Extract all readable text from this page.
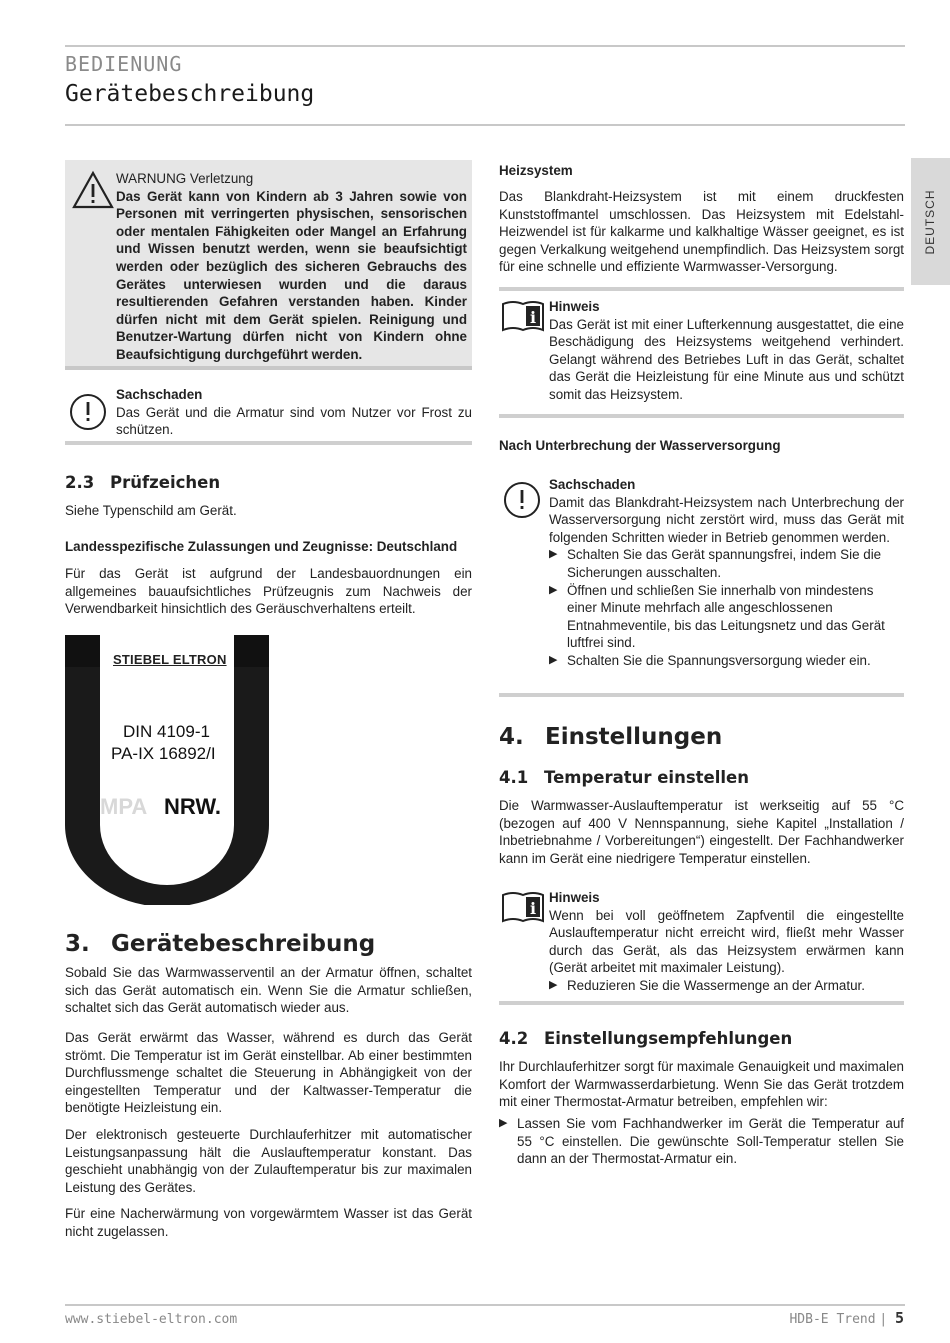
BEDIENUNG
Gerätebeschreibung
DEUTSCH
WARNUNG Verletzung
Das Gerät kann von Kindern ab 3 Jahren sowie von Personen mit verringerten physischen, sensorischen oder mentalen Fähigkeiten oder Mangel an Erfahrung und Wissen benutzt werden, wenn sie beaufsichtigt werden oder bezüglich des sicheren Gebrauchs des Gerätes unterwiesen wurden und die daraus resultierenden Gefahren verstanden haben. Kinder dürfen nicht mit dem Gerät spielen. Reinigung und Benutzer-Wartung dürfen nicht von Kindern ohne Beaufsichtigung durchgeführt werden.
Sachschaden
Das Gerät und die Armatur sind vom Nutzer vor Frost zu schützen.
2.3 Prüfzeichen
Siehe Typenschild am Gerät.
Landesspezifische Zulassungen und Zeugnisse: Deutschland
Für das Gerät ist aufgrund der Landesbauordnungen ein allgemeines bauaufsichtliches Prüfzeugnis zum Nachweis der Verwendbarkeit hinsichtlich des Geräuschverhaltens erteilt.
STIEBEL ELTRON
DIN 4109-1
PA-IX 16892/I
MPA NRW.
3. Gerätebeschreibung
Sobald Sie das Warmwasserventil an der Armatur öffnen, schaltet sich das Gerät automatisch ein. Wenn Sie die Armatur schließen, schaltet sich das Gerät automatisch wieder aus.
Das Gerät erwärmt das Wasser, während es durch das Gerät strömt. Die Temperatur ist im Gerät einstellbar. Ab einer bestimmten Durchflussmenge schaltet die Steuerung in Abhängigkeit von der eingestellten Temperatur und der Kaltwasser-Temperatur die benötigte Heizleistung ein.
Der elektronisch gesteuerte Durchlauferhitzer mit automatischer Leistungsanpassung hält die Auslauftemperatur konstant. Das geschieht unabhängig von der Zulauftemperatur bis zur maximalen Leistung des Gerätes.
Für eine Nacherwärmung von vorgewärmtem Wasser ist das Gerät nicht zugelassen.
Heizsystem
Das Blankdraht-Heizsystem ist mit einem druckfesten Kunststoffmantel umschlossen. Das Heizsystem mit Edelstahl-Heizwendel ist für kalkarme und kalkhaltige Wässer geeignet, es ist gegen Verkalkung weitgehend unempfindlich. Das Heizsystem sorgt für eine schnelle und effiziente Warmwasser-Versorgung.
i
Hinweis
Das Gerät ist mit einer Lufterkennung ausgestattet, die eine Beschädigung des Heizsystems weitgehend verhindert. Gelangt während des Betriebes Luft in das Gerät, schaltet das Gerät die Heizleistung für eine Minute aus und schützt somit das Heizsystem.
Nach Unterbrechung der Wasserversorgung
Sachschaden
Damit das Blankdraht-Heizsystem nach Unterbrechung der Wasserversorgung nicht zerstört wird, muss das Gerät mit folgenden Schritten wieder in Betrieb genommen werden.
▶ Schalten Sie das Gerät spannungsfrei, indem Sie die Sicherungen ausschalten.
▶ Öffnen und schließen Sie innerhalb von mindestens einer Minute mehrfach alle angeschlossenen Entnahmeventile, bis das Leitungsnetz und das Gerät luftfrei sind.
▶ Schalten Sie die Spannungsversorgung wieder ein.
4. Einstellungen
4.1 Temperatur einstellen
Die Warmwasser-Auslauftemperatur ist werkseitig auf 55 °C (bezogen auf 400 V Nennspannung, siehe Kapitel „Installation / Inbetriebnahme / Vorbereitungen“) eingestellt. Der Fachhandwerker kann im Gerät eine niedrigere Temperatur einstellen.
i
Hinweis
Wenn bei voll geöffnetem Zapfventil die eingestellte Auslauftemperatur nicht erreicht wird, fließt mehr Wasser durch das Gerät, als das Heizsystem erwärmen kann (Gerät arbeitet mit maximaler Leistung).
▶ Reduzieren Sie die Wassermenge an der Armatur.
4.2 Einstellungsempfehlungen
Ihr Durchlauferhitzer sorgt für maximale Genauigkeit und maximalen Komfort der Warmwasserdarbietung. Wenn Sie das Gerät trotzdem mit einer Thermostat-Armatur betreiben, empfehlen wir:
▶ Lassen Sie vom Fachhandwerker im Gerät die Temperatur auf 55 °C einstellen. Die gewünschte Soll-Temperatur stellen Sie dann an der Thermostat-Armatur ein.
www.stiebel-eltron.com	HDB-E Trend | 5
